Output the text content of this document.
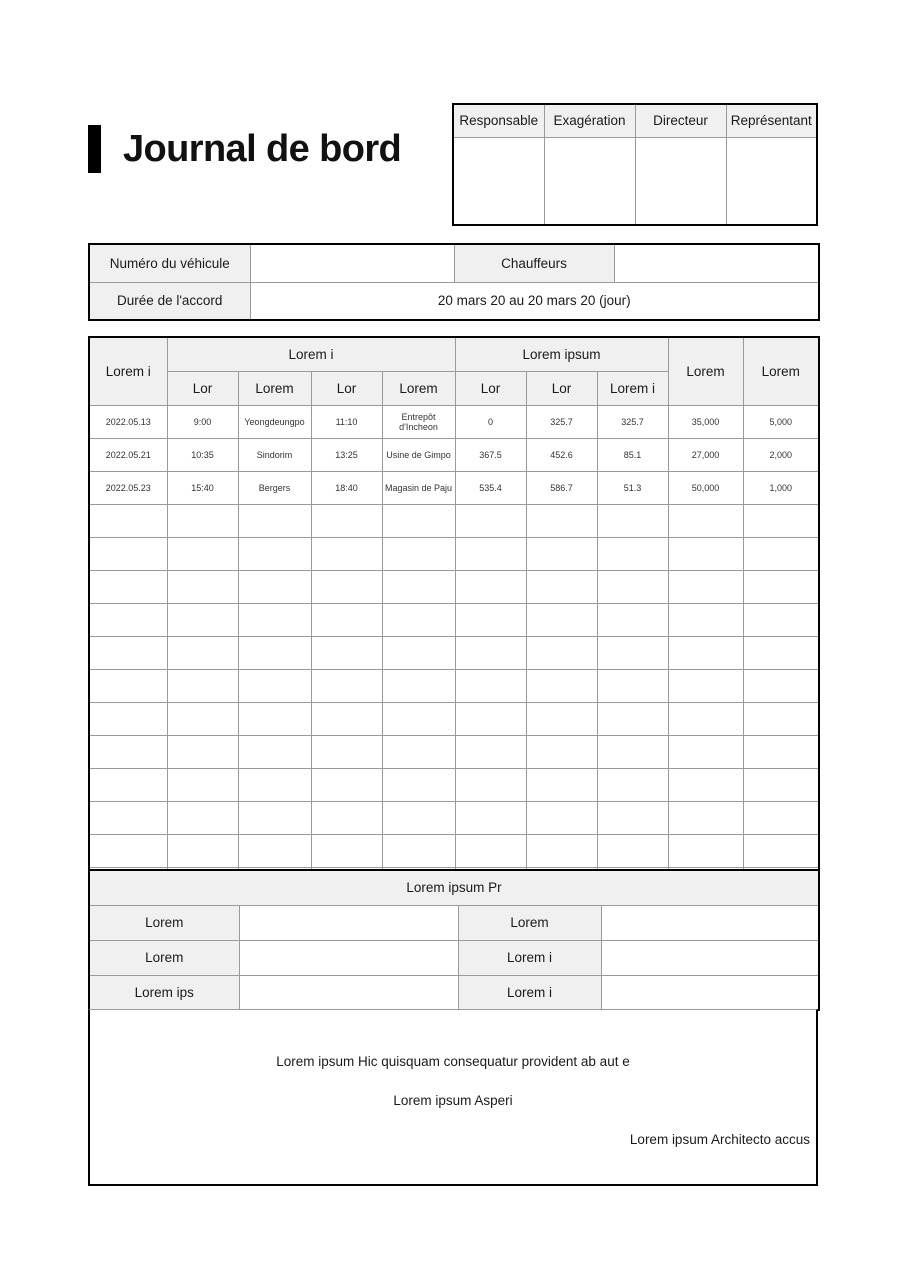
Journal de bord
Responsable	Exagération	Directeur	Représentant

Numéro du véhicule		Chauffeurs	
Durée de l'accord	20 mars 20 au 20 mars 20 (jour)		
Lorem i	Lorem i				Lorem ipsum			Lorem	Lorem
	Lor	Lorem	Lor	Lorem	Lor	Lor	Lorem i		
2022.05.13	9:00	Yeongdeungpo	11:10	Entrepôt d'Incheon	0	325.7	325.7	35,000	5,000
2022.05.21	10:35	Sindorim	13:25	Usine de Gimpo	367.5	452.6	85.1	27,000	2,000
2022.05.23	15:40	Bergers	18:40	Magasin de Paju	535.4	586.7	51.3	50,000	1,000

Lorem ipsum Pr			
Lorem		Lorem	
Lorem		Lorem i	
Lorem ips		Lorem i	
Lorem ipsum Hic quisquam consequatur provident ab aut e
Lorem ipsum Asperi
Lorem ipsum Architecto accus
